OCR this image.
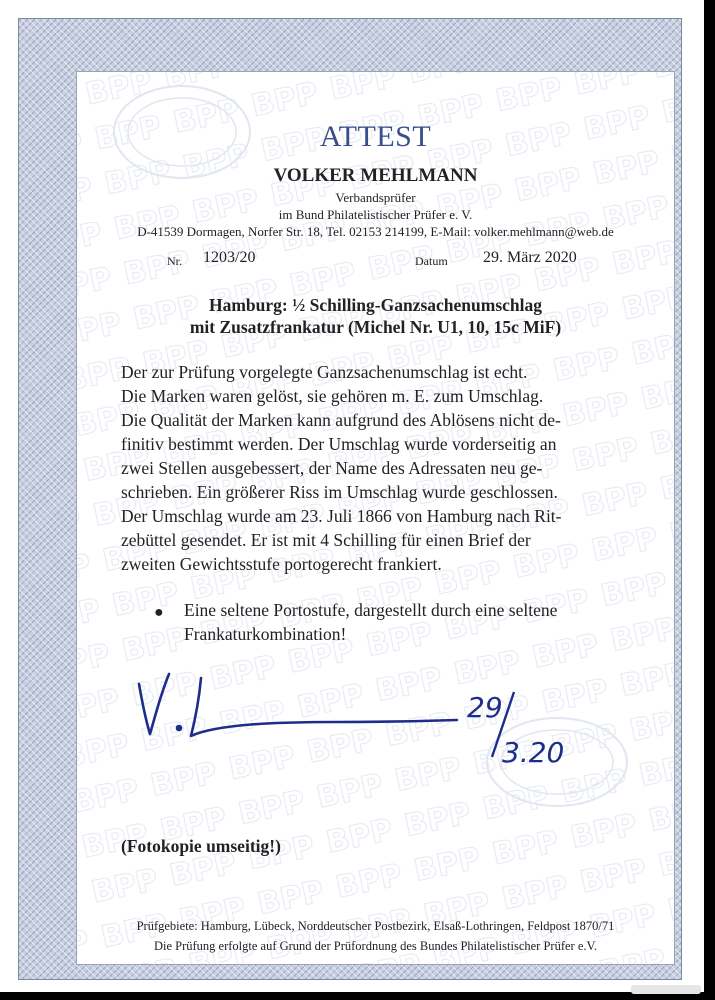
ATTEST
VOLKER MEHLMANN
Verbandsprüfer
im Bund Philatelistischer Prüfer e. V.
D-41539 Dormagen, Norfer Str. 18, Tel. 02153 214199, E-Mail: volker.mehlmann@web.de
Nr. 1203/20	Datum 29. März 2020
Hamburg: ½ Schilling-Ganzsachenumschlag
mit Zusatzfrankatur (Michel Nr. U1, 10, 15c MiF)
Der zur Prüfung vorgelegte Ganzsachenumschlag ist echt.
Die Marken waren gelöst, sie gehören m. E. zum Umschlag.
Die Qualität der Marken kann aufgrund des Ablösens nicht de-
finitiv bestimmt werden. Der Umschlag wurde vorderseitig an
zwei Stellen ausgebessert, der Name des Adressaten neu ge-
schrieben. Ein größerer Riss im Umschlag wurde geschlossen.
Der Umschlag wurde am 23. Juli 1866 von Hamburg nach Rit-
zebüttel gesendet. Er ist mit 4 Schilling für einen Brief der
zweiten Gewichtsstufe portogerecht frankiert.
● Eine seltene Portostufe, dargestellt durch eine seltene
Frankaturkombination!
29
3.20
(Fotokopie umseitig!)
Prüfgebiete: Hamburg, Lübeck, Norddeutscher Postbezirk, Elsaß-Lothringen, Feldpost 1870/71
Die Prüfung erfolgte auf Grund der Prüfordnung des Bundes Philatelistischer Prüfer e.V.
